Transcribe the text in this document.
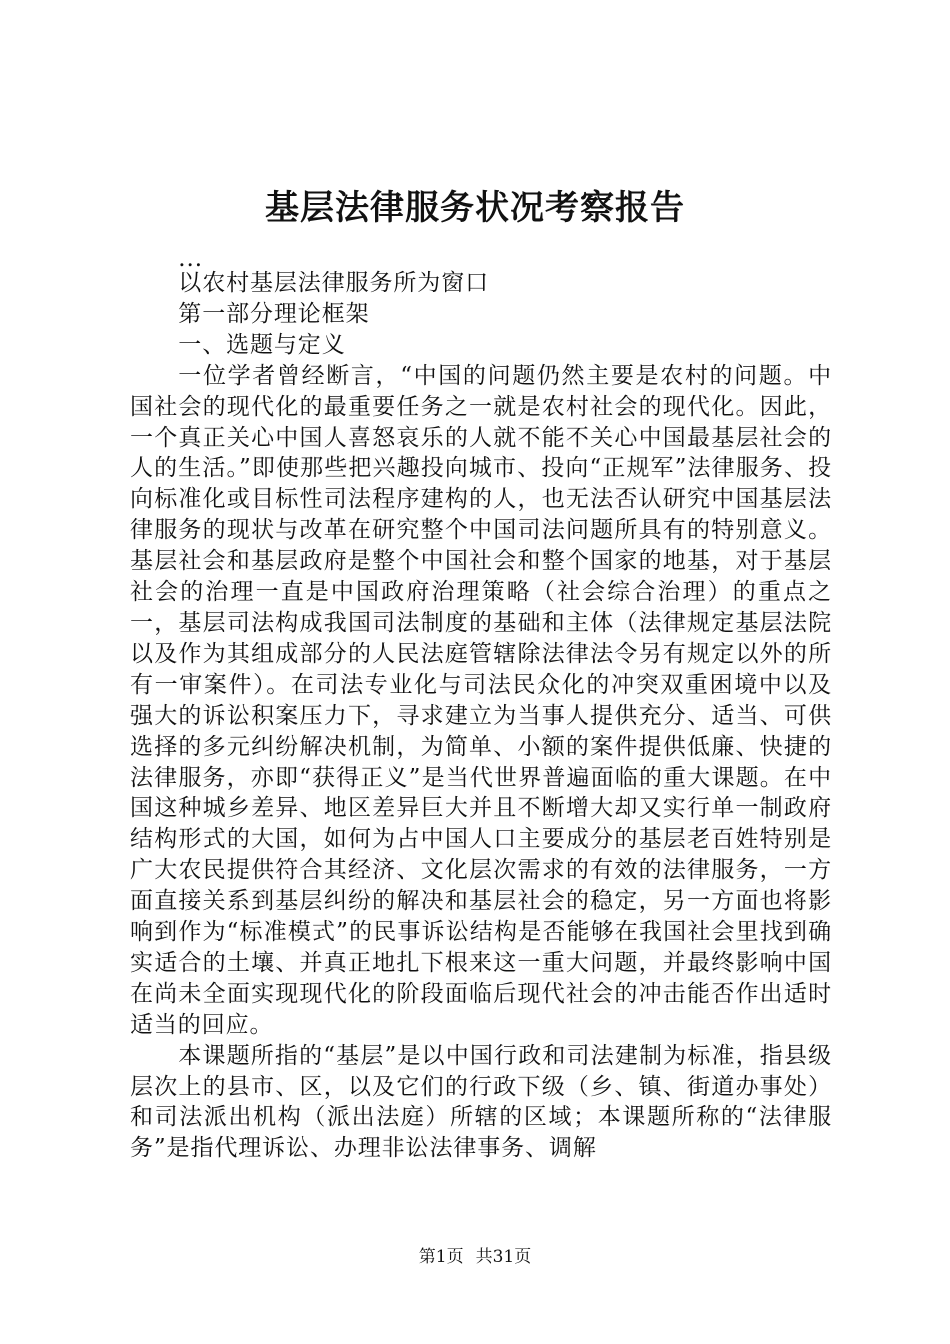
基层法律服务状况考察报告

...

以农村基层法律服务所为窗口

第一部分理论框架

一、选题与定义

一位学者曾经断言，“中国的问题仍然主要是农村的问题。中国社会的现代化的最重要任务之一就是农村社会的现代化。因此，一个真正关心中国人喜怒哀乐的人就不能不关心中国最基层社会的人的生活。”即使那些把兴趣投向城市、投向“正规军”法律服务、投向标准化或目标性司法程序建构的人，也无法否认研究中国基层法律服务的现状与改革在研究整个中国司法问题所具有的特别意义。基层社会和基层政府是整个中国社会和整个国家的地基，对于基层社会的治理一直是中国政府治理策略（社会综合治理）的重点之一，基层司法构成我国司法制度的基础和主体（法律规定基层法院以及作为其组成部分的人民法庭管辖除法律法令另有规定以外的所有一审案件）。在司法专业化与司法民众化的冲突双重困境中以及强大的诉讼积案压力下，寻求建立为当事人提供充分、适当、可供选择的多元纠纷解决机制，为简单、小额的案件提供低廉、快捷的法律服务，亦即“获得正义”是当代世界普遍面临的重大课题。在中国这种城乡差异、地区差异巨大并且不断增大却又实行单一制政府结构形式的大国，如何为占中国人口主要成分的基层老百姓特别是广大农民提供符合其经济、文化层次需求的有效的法律服务，一方面直接关系到基层纠纷的解决和基层社会的稳定，另一方面也将影响到作为“标准模式”的民事诉讼结构是否能够在我国社会里找到确实适合的土壤、并真正地扎下根来这一重大问题，并最终影响中国在尚未全面实现现代化的阶段面临后现代社会的冲击能否作出适时适当的回应。

本课题所指的“基层”是以中国行政和司法建制为标准，指县级层次上的县市、区，以及它们的行政下级（乡、镇、街道办事处）和司法派出机构（派出法庭）所辖的区域；本课题所称的“法律服务”是指代理诉讼、办理非讼法律事务、调解

第1页 共31页
